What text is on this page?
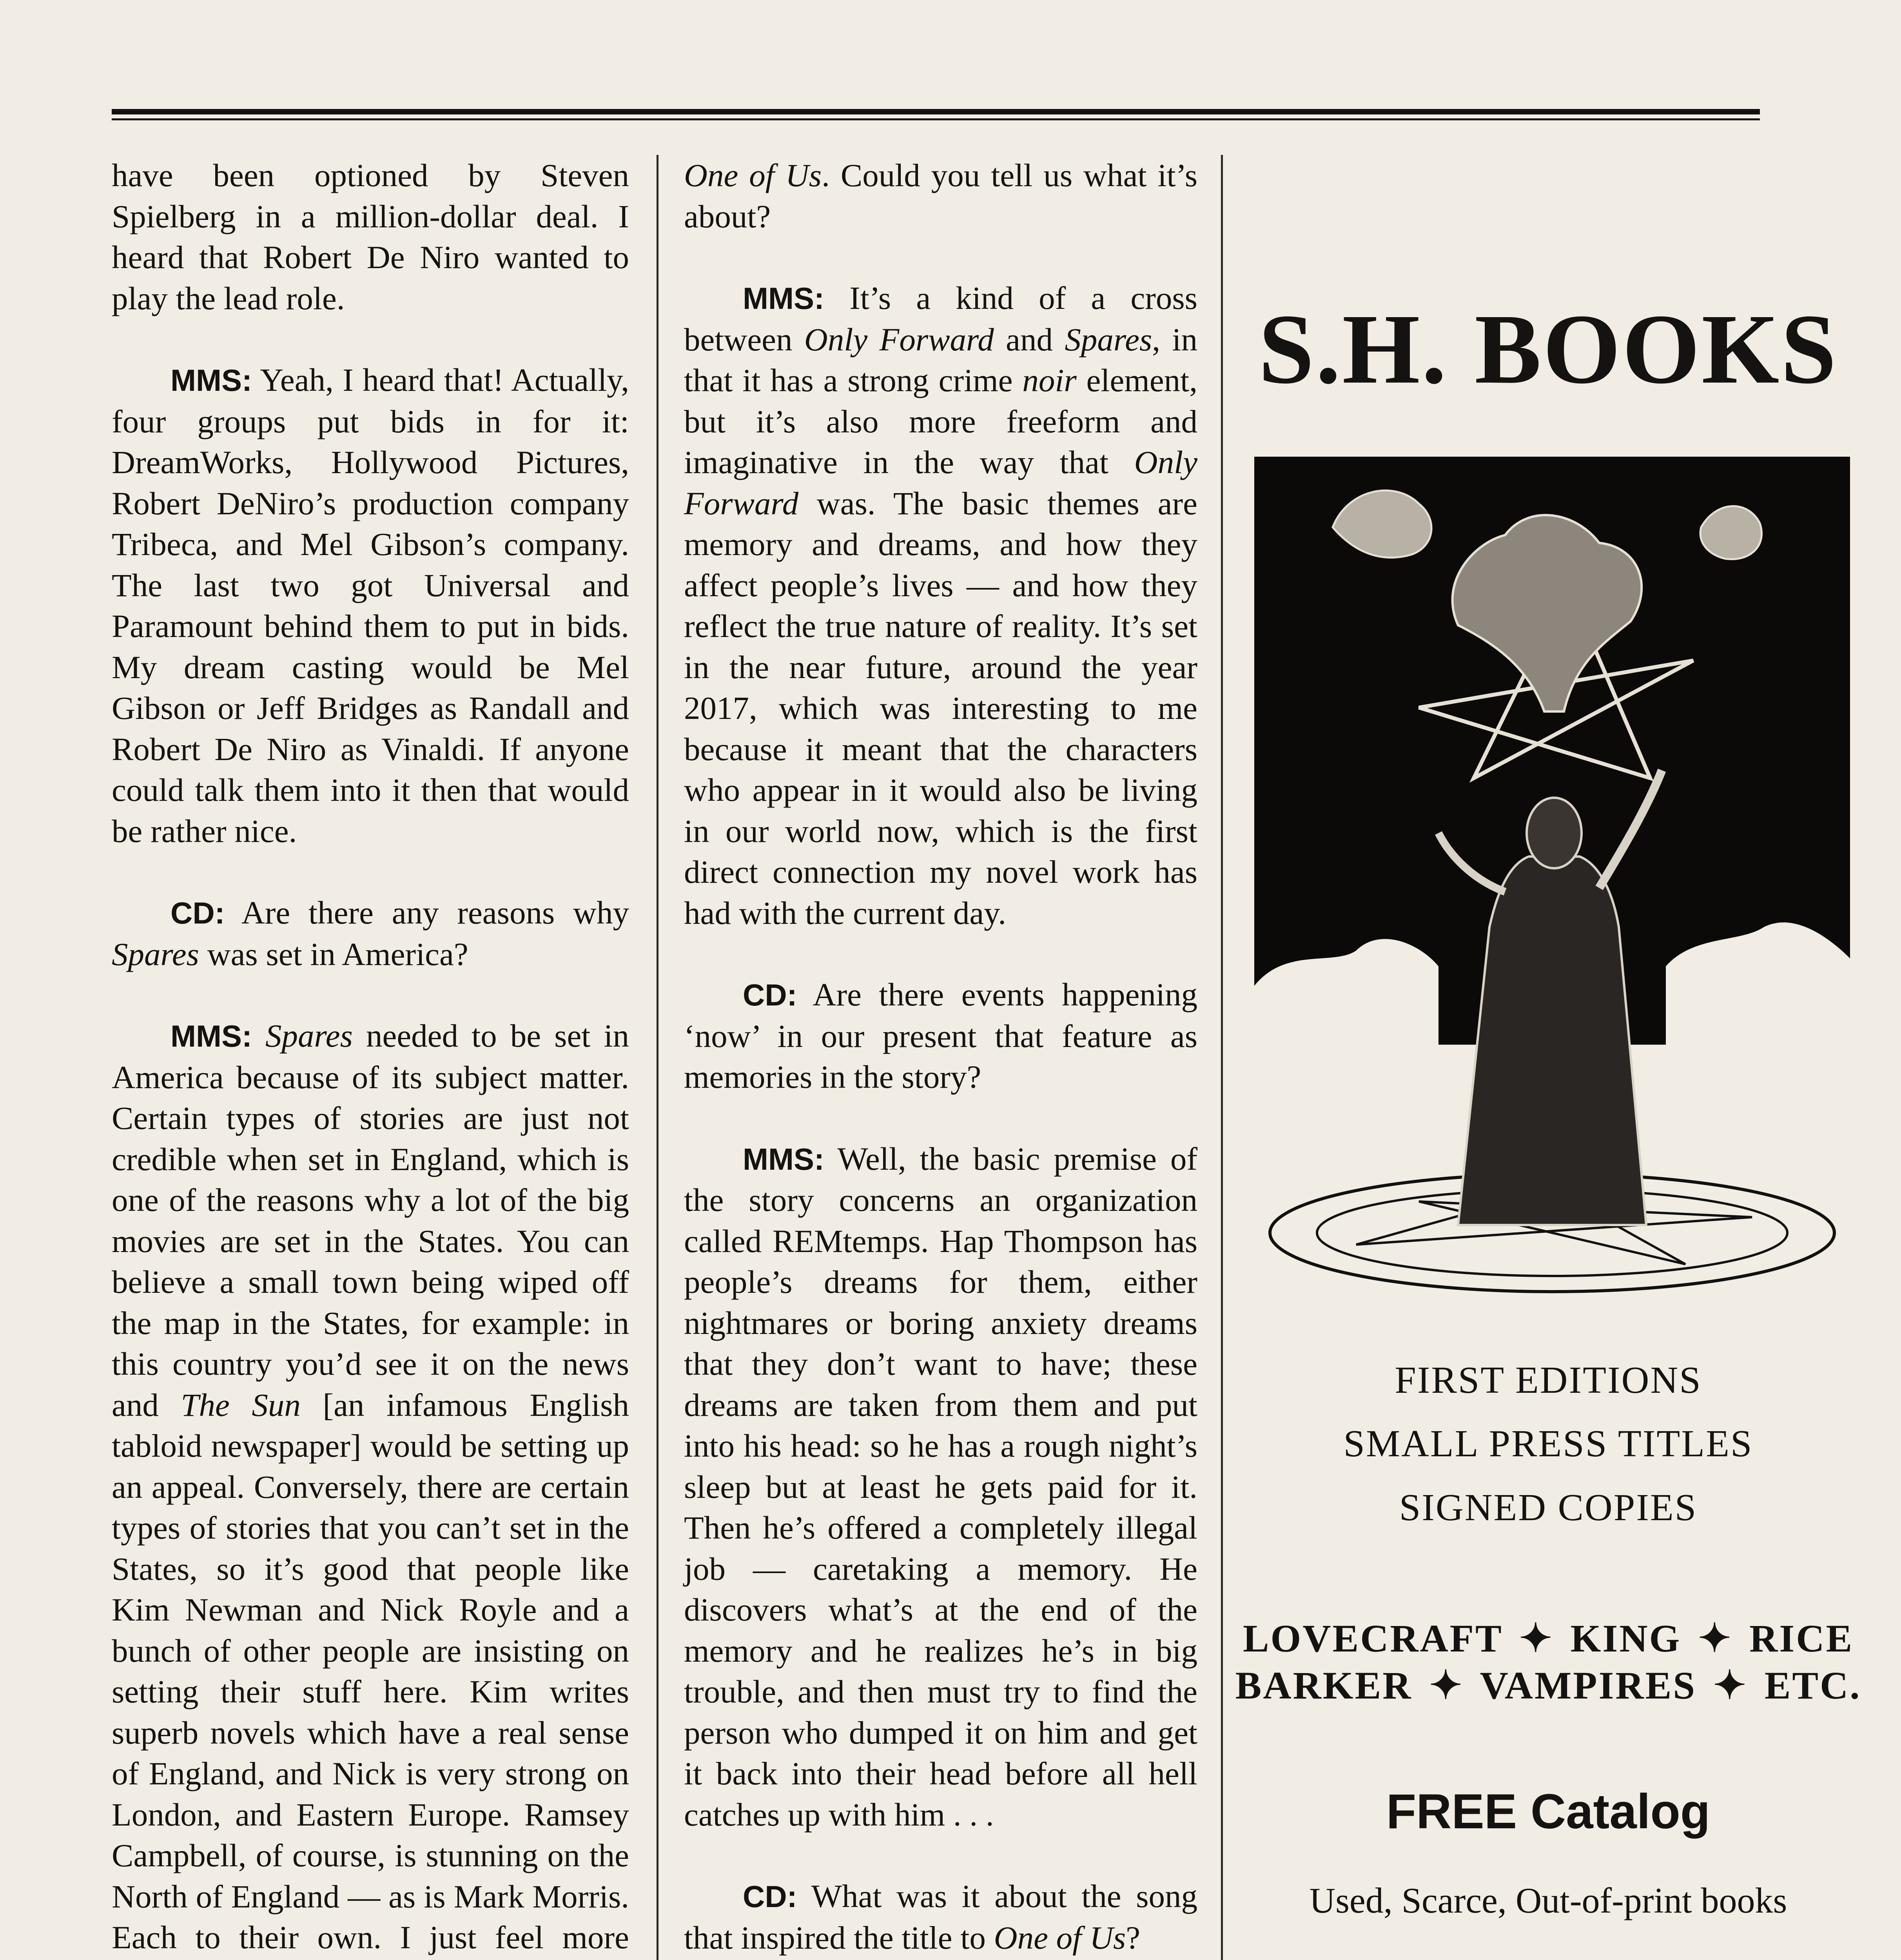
have been optioned by Steven Spielberg in a million-dollar deal. I heard that Robert De Niro wanted to play the lead role.

MMS: Yeah, I heard that! Actually, four groups put bids in for it: DreamWorks, Hollywood Pictures, Robert DeNiro’s production company Tribeca, and Mel Gibson’s company. The last two got Universal and Paramount behind them to put in bids. My dream casting would be Mel Gibson or Jeff Bridges as Randall and Robert De Niro as Vinaldi. If anyone could talk them into it then that would be rather nice.

CD: Are there any reasons why Spares was set in America?

MMS: Spares needed to be set in America because of its subject matter. Certain types of stories are just not credible when set in England, which is one of the reasons why a lot of the big movies are set in the States. You can believe a small town being wiped off the map in the States, for example: in this country you’d see it on the news and The Sun [an infamous English tabloid newspaper] would be setting up an appeal. Conversely, there are certain types of stories that you can’t set in the States, so it’s good that people like Kim Newman and Nick Royle and a bunch of other people are insisting on setting their stuff here. Kim writes superb novels which have a real sense of England, and Nick is very strong on London, and Eastern Europe. Ramsey Campbell, of course, is stunning on the North of England — as is Mark Morris. Each to their own. I just feel more

One of Us. Could you tell us what it’s about?

MMS: It’s a kind of a cross between Only Forward and Spares, in that it has a strong crime noir element, but it’s also more freeform and imaginative in the way that Only Forward was. The basic themes are memory and dreams, and how they affect people’s lives — and how they reflect the true nature of reality. It’s set in the near future, around the year 2017, which was interesting to me because it meant that the characters who appear in it would also be living in our world now, which is the first direct connection my novel work has had with the current day.

CD: Are there events happening ‘now’ in our present that feature as memories in the story?

MMS: Well, the basic premise of the story concerns an organization called REMtemps. Hap Thompson has people’s dreams for them, either nightmares or boring anxiety dreams that they don’t want to have; these dreams are taken from them and put into his head: so he has a rough night’s sleep but at least he gets paid for it. Then he’s offered a completely illegal job — caretaking a memory. He discovers what’s at the end of the memory and he realizes he’s in big trouble, and then must try to find the person who dumped it on him and get it back into their head before all hell catches up with him . . .

CD: What was it about the song that inspired the title to One of Us?

S.H. BOOKS
FIRST EDITIONS
SMALL PRESS TITLES
SIGNED COPIES
LOVECRAFT ✦ KING ✦ RICE
BARKER ✦ VAMPIRES ✦ ETC.
FREE Catalog
Used, Scarce, Out-of-print books
